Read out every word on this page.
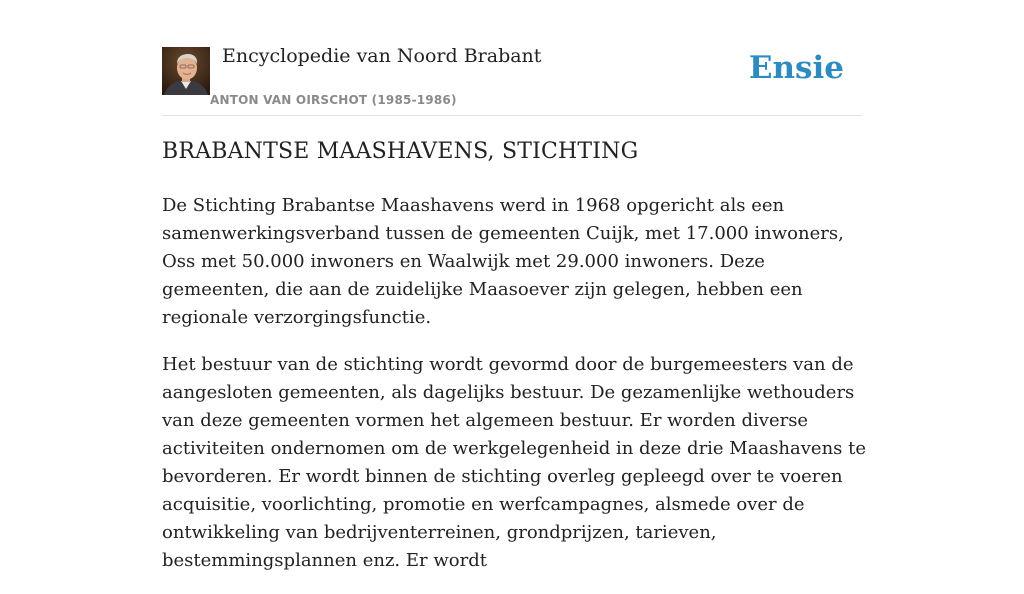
Encyclopedie van Noord Brabant

ANTON VAN OIRSCHOT (1985-1986)
Ensie
BRABANTSE MAASHAVENS, STICHTING

De Stichting Brabantse Maashavens werd in 1968 opgericht als een samenwerkingsverband tussen de gemeenten Cuijk, met 17.000 inwoners, Oss met 50.000 inwoners en Waalwijk met 29.000 inwoners. Deze gemeenten, die aan de zuidelijke Maasoever zijn gelegen, hebben een regionale verzorgingsfunctie.

Het bestuur van de stichting wordt gevormd door de burgemeesters van de aangesloten gemeenten, als dagelijks bestuur. De gezamenlijke wethouders van deze gemeenten vormen het algemeen bestuur. Er worden diverse activiteiten ondernomen om de werkgelegenheid in deze drie Maashavens te bevorderen. Er wordt binnen de stichting overleg gepleegd over te voeren acquisitie, voorlichting, promotie en werfcampagnes, alsmede over de ontwikkeling van bedrijventerreinen, grondprijzen, tarieven, bestemmingsplannen enz. Er wordt
